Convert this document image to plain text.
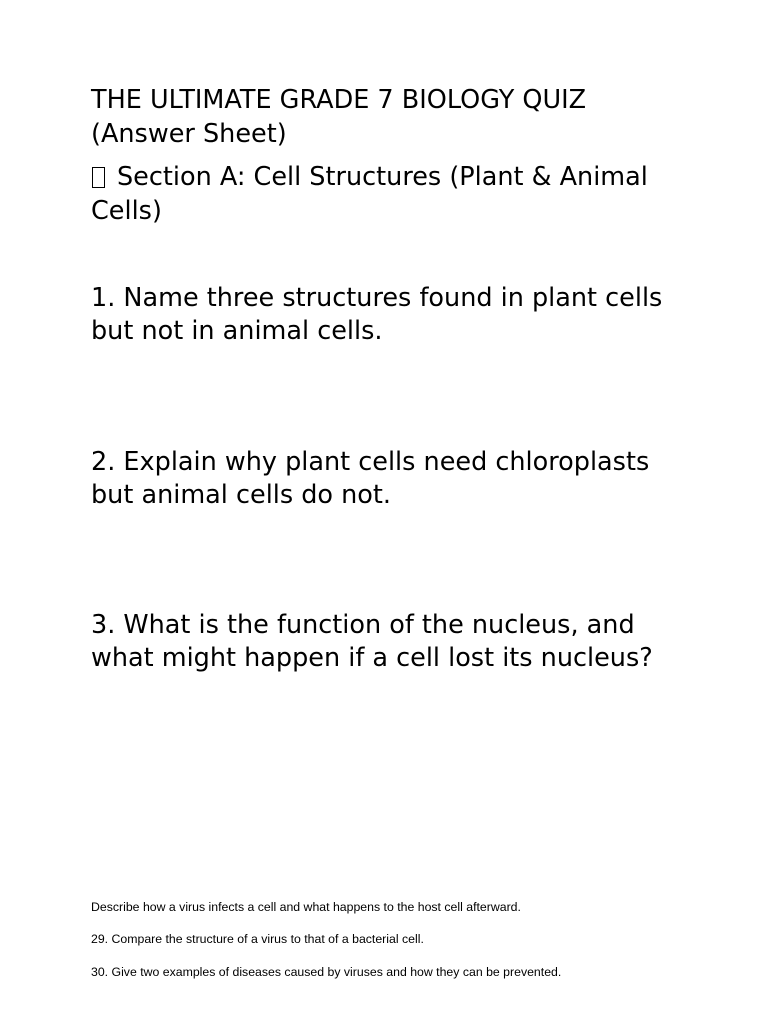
THE ULTIMATE GRADE 7 BIOLOGY QUIZ
(Answer Sheet)
Section A: Cell Structures (Plant & Animal Cells)

1. Name three structures found in plant cells but not in animal cells.

2. Explain why plant cells need chloroplasts but animal cells do not.

3. What is the function of the nucleus, and what might happen if a cell lost its nucleus?

Describe how a virus infects a cell and what happens to the host cell afterward.

29. Compare the structure of a virus to that of a bacterial cell.

30. Give two examples of diseases caused by viruses and how they can be prevented.
